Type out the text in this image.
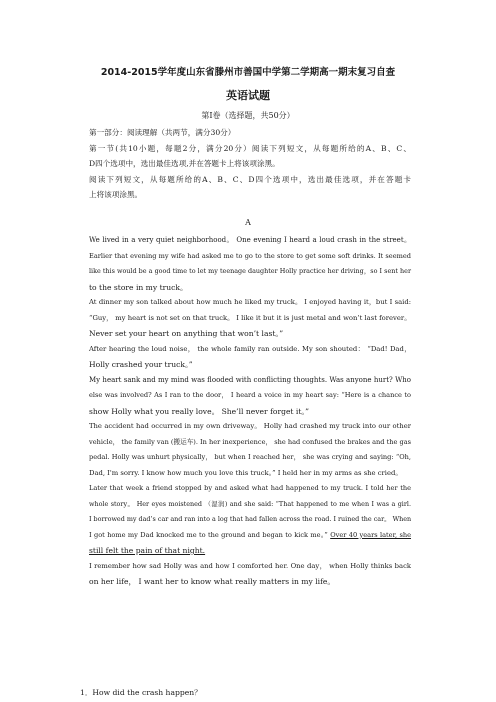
2014-2015学年度山东省滕州市善国中学第二学期高一期末复习自查
英语试题
第Ⅰ卷（选择题，共50分）
第一部分：阅读理解（共两节，满分30分）
第一节(共10小题，每题2分，满分20分）阅读下列短文，从每题所给的A、B、C、
D四个选项中，选出最佳选项,并在答题卡上将该项涂黑。
阅读下列短文，从每题所给的A、B、C、D四个选项中，选出最佳选项，并在答题卡
上将该项涂黑。
A
We lived in a very quiet neighborhood。 One evening I heard a loud crash in the street。
Earlier that evening my wife had asked me to go to the store to get some soft drinks. It seemed
like this would be a good time to let my teenage daughter Holly practice her driving，so I sent her
to the store in my truck。
At dinner my son talked about how much he liked my truck。 I enjoyed having it，but I said:
“Guy， my heart is not set on that truck。 I like it but it is just metal and won’t last forever。
Never set your heart on anything that won’t last。”
After hearing the loud noise， the whole family ran outside. My son shouted： “Dad! Dad，
Holly crashed your truck。”
My heart sank and my mind was flooded with conflicting thoughts. Was anyone hurt? Who
else was involved? As I ran to the door， I heard a voice in my heart say: “Here is a chance to
show Holly what you really love。 She’ll never forget it。”
The accident had occurred in my own driveway。 Holly had crashed my truck into our other
vehicle， the family van (搬运车). In her inexperience， she had confused the brakes and the gas
pedal. Holly was unhurt physically， but when I reached her， she was crying and saying: “Oh,
Dad, I'm sorry. I know how much you love this truck。” I held her in my arms as she cried。
Later that week a friend stopped by and asked what had happened to my truck. I told her the
whole story。 Her eyes moistened （湿润) and she said: “That happened to me when I was a girl.
I borrowed my dad’s car and ran into a log that had fallen across the road. I ruined the car。 When
I got home my Dad knocked me to the ground and began to kick me。” Over 40 years later, she
still felt the pain of that night.
I remember how sad Holly was and how I comforted her. One day， when Holly thinks back
on her life， I want her to know what really matters in my life。
1．How did the crash happen？
